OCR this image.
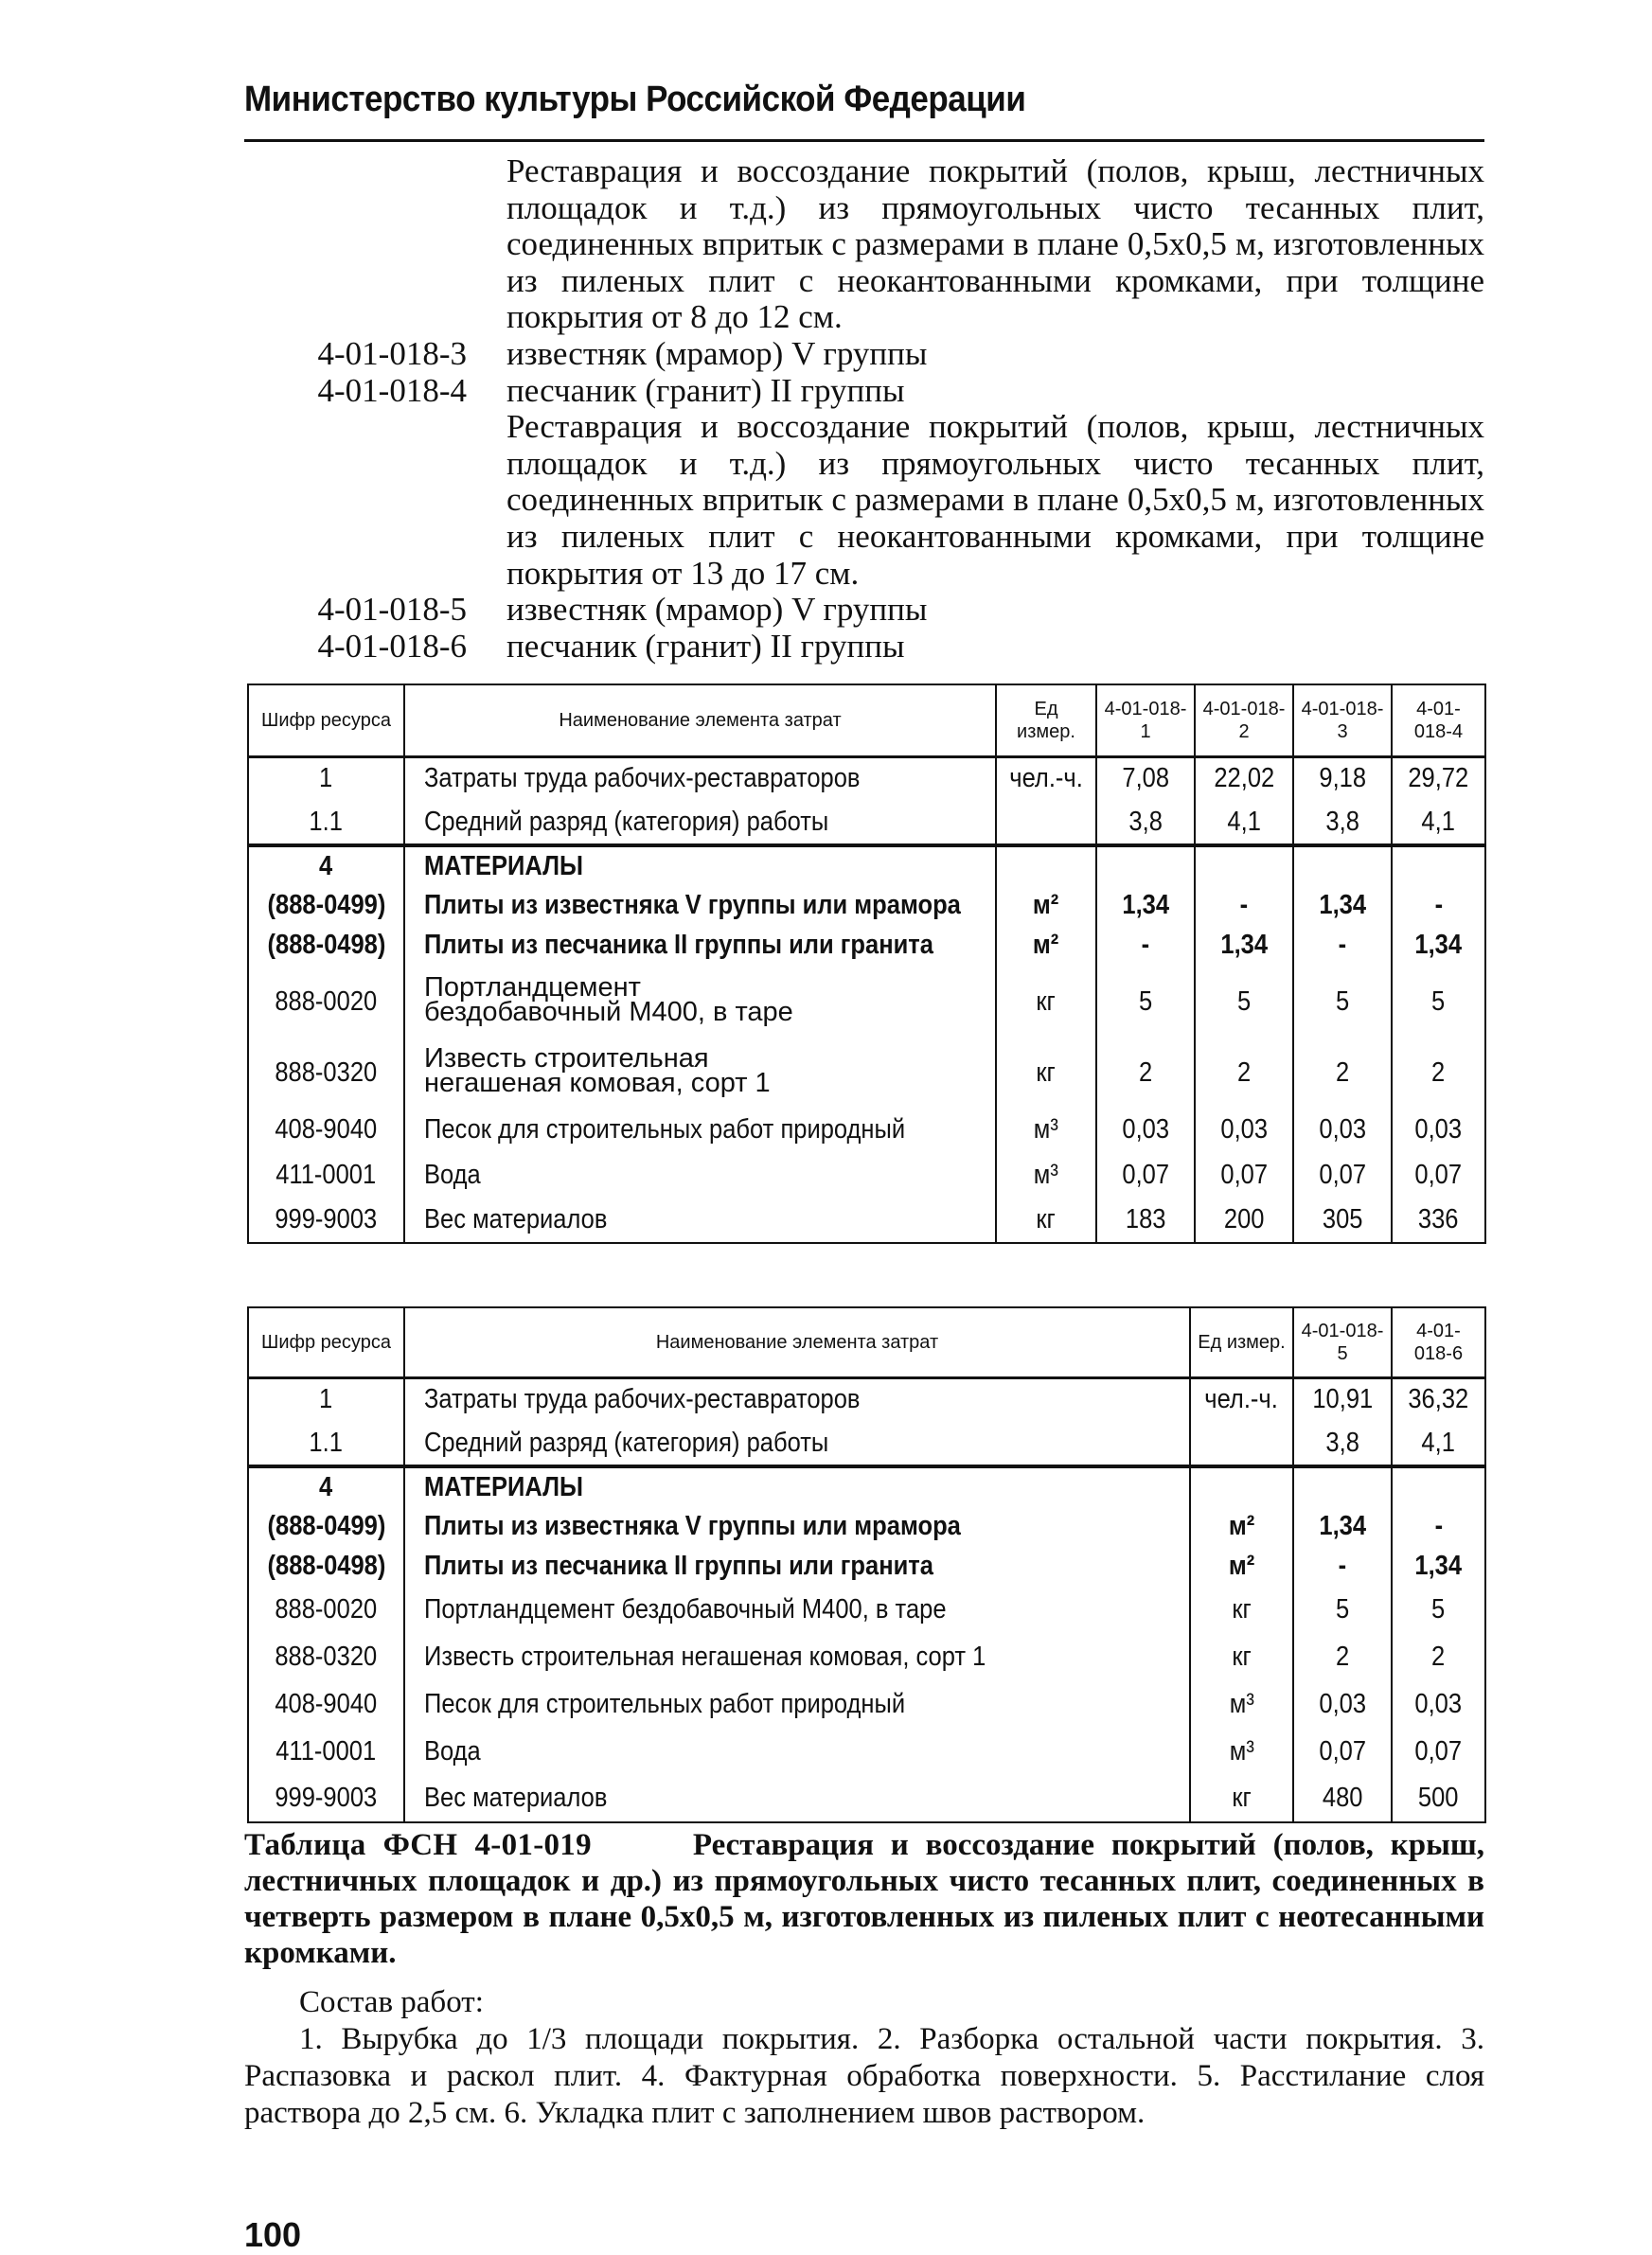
Министерство культуры Российской Федерации
Реставрация и воссоздание покрытий (полов, крыш, лестничных площадок и т.д.) из прямоугольных чисто тесанных плит, соединенных впритык с размерами в плане 0,5х0,5 м, изготовленных из пиленых плит с неокантованными кромками, при толщине покрытия от 8 до 12 см.
4-01-018-3 известняк (мрамор) V группы
4-01-018-4 песчаник (гранит) II группы
Реставрация и воссоздание покрытий (полов, крыш, лестничных площадок и т.д.) из прямоугольных чисто тесанных плит, соединенных впритык с размерами в плане 0,5х0,5 м, изготовленных из пиленых плит с неокантованными кромками, при толщине покрытия от 13 до 17 см.
4-01-018-5 известняк (мрамор) V группы
4-01-018-6 песчаник (гранит) II группы
Шифр ресурса	Наименование элемента затрат	Ед измер.	4-01-018-1	4-01-018-2	4-01-018-3	4-01-018-4
1	Затраты труда рабочих-реставраторов	чел.-ч.	7,08	22,02	9,18	29,72
1.1	Средний разряд (категория) работы		3,8	4,1	3,8	4,1
4	МАТЕРИАЛЫ					
(888-0499)	Плиты из известняка V группы или мрамора	м²	1,34	-	1,34	-
(888-0498)	Плиты из песчаника II группы или гранита	м²	-	1,34	-	1,34
888-0020	Портландцемент бездобавочный М400, в таре	кг	5	5	5	5
888-0320	Известь строительная негашеная комовая, сорт 1	кг	2	2	2	2
408-9040	Песок для строительных работ природный	м³	0,03	0,03	0,03	0,03
411-0001	Вода	м³	0,07	0,07	0,07	0,07
999-9003	Вес материалов	кг	183	200	305	336
Шифр ресурса	Наименование элемента затрат	Ед измер.	4-01-018-5	4-01-018-6
1	Затраты труда рабочих-реставраторов	чел.-ч.	10,91	36,32
1.1	Средний разряд (категория) работы		3,8	4,1
4	МАТЕРИАЛЫ			
(888-0499)	Плиты из известняка V группы или мрамора	м²	1,34	-
(888-0498)	Плиты из песчаника II группы или гранита	м²	-	1,34
888-0020	Портландцемент бездобавочный М400, в таре	кг	5	5
888-0320	Известь строительная негашеная комовая, сорт 1	кг	2	2
408-9040	Песок для строительных работ природный	м³	0,03	0,03
411-0001	Вода	м³	0,07	0,07
999-9003	Вес материалов	кг	480	500
Таблица ФСН 4-01-019	Реставрация и воссоздание покрытий (полов, крыш, лестничных площадок и др.) из прямоугольных чисто тесанных плит, соединенных в четверть размером в плане 0,5х0,5 м, изготовленных из пиленых плит с неотесанными кромками.
Состав работ:
1. Вырубка до 1/3 площади покрытия. 2. Разборка остальной части покрытия. 3. Распазовка и раскол плит. 4. Фактурная обработка поверхности. 5. Расстилание слоя раствора до 2,5 см. 6. Укладка плит с заполнением швов раствором.
100
